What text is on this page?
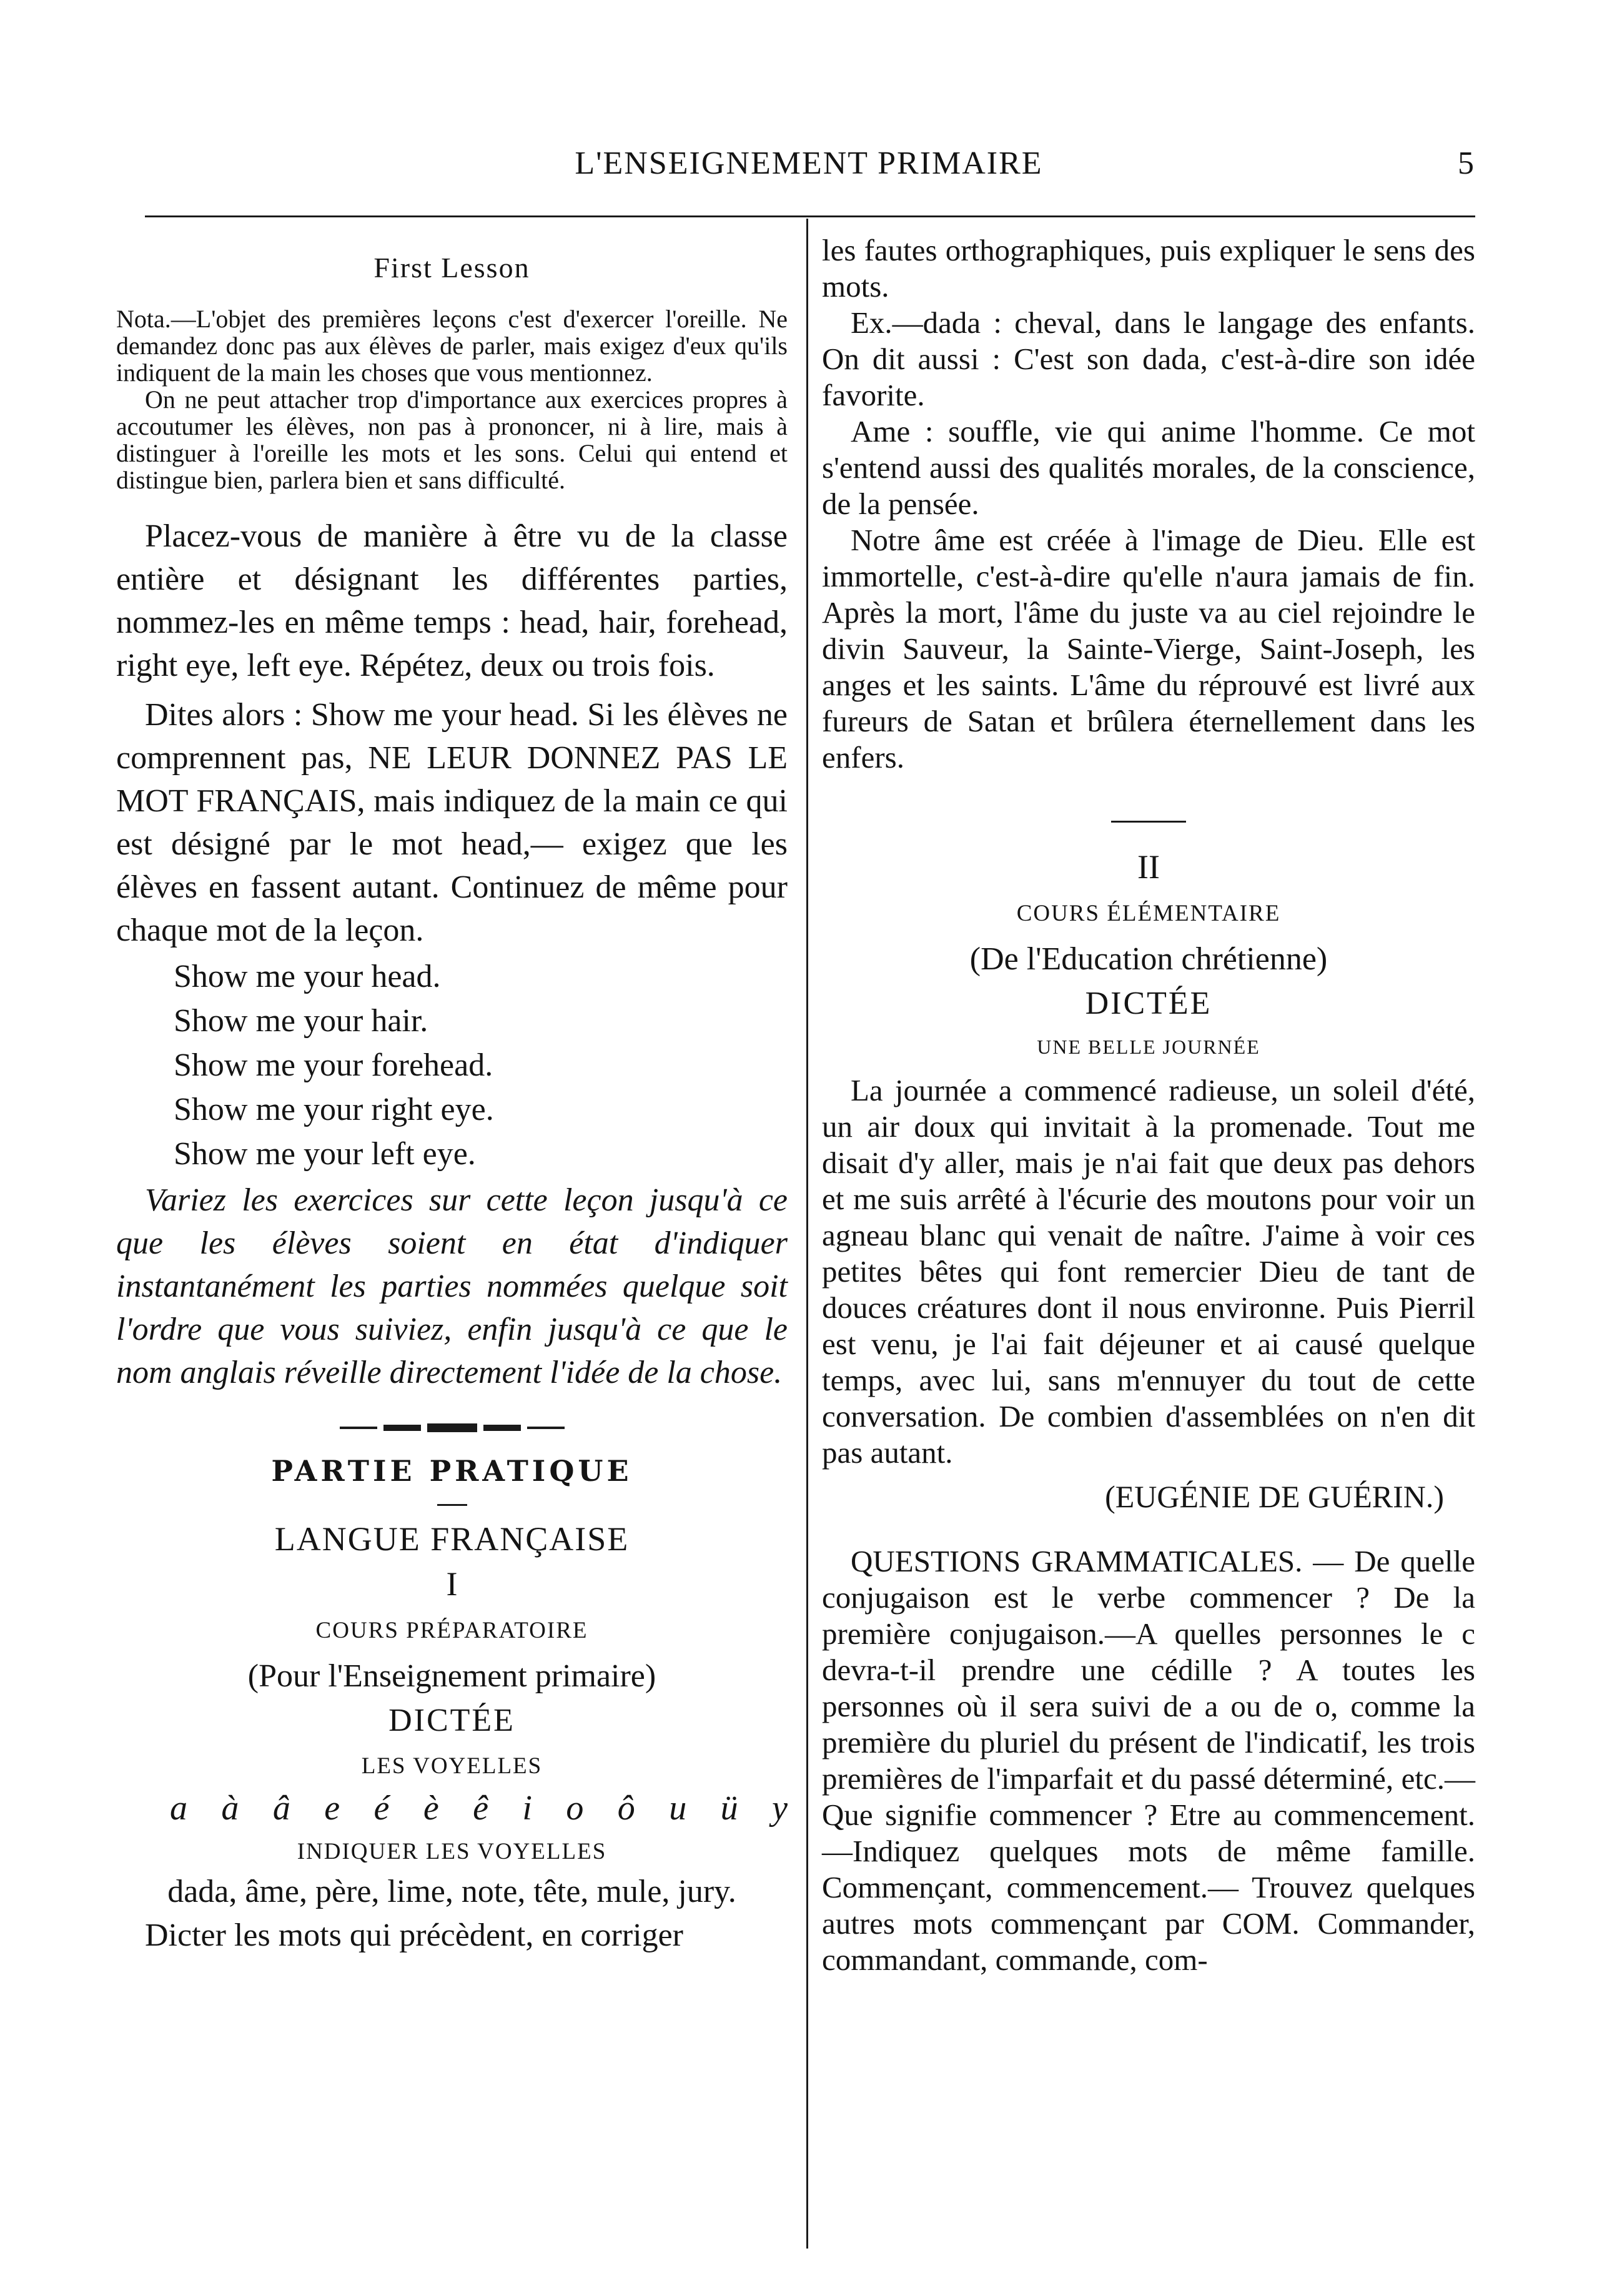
L'ENSEIGNEMENT PRIMAIRE	5

First Lesson

Nota.—L'objet des premières leçons c'est d'exercer l'oreille. Ne demandez donc pas aux élèves de parler, mais exigez d'eux qu'ils indiquent de la main les choses que vous mentionnez.

On ne peut attacher trop d'importance aux exercices propres à accoutumer les élèves, non pas à prononcer, ni à lire, mais à distinguer à l'oreille les mots et les sons. Celui qui entend et distingue bien, parlera bien et sans difficulté.

Placez-vous de manière à être vu de la classe entière et désignant les différentes parties, nommez-les en même temps : head, hair, forehead, right eye, left eye. Répétez, deux ou trois fois.

Dites alors : Show me your head. Si les élèves ne comprennent pas, NE LEUR DONNEZ PAS LE MOT FRANÇAIS, mais indiquez de la main ce qui est désigné par le mot head,— exigez que les élèves en fassent autant. Continuez de même pour chaque mot de la leçon.

Show me your head.
Show me your hair.
Show me your forehead.
Show me your right eye.
Show me your left eye.

Variez les exercices sur cette leçon jusqu'à ce que les élèves soient en état d'indiquer instantanément les parties nommées quelque soit l'ordre que vous suiviez, enfin jusqu'à ce que le nom anglais réveille directement l'idée de la chose.

PARTIE PRATIQUE

LANGUE FRANÇAISE

I

COURS PRÉPARATOIRE

(Pour l'Enseignement primaire)

DICTÉE

LES VOYELLES

a à â e é è ê i o ô u ü y

INDIQUER LES VOYELLES

dada, âme, père, lime, note, tête, mule, jury.

Dicter les mots qui précèdent, en corriger

les fautes orthographiques, puis expliquer le sens des mots.

Ex.—dada : cheval, dans le langage des enfants. On dit aussi : C'est son dada, c'est-à-dire son idée favorite.

Ame : souffle, vie qui anime l'homme. Ce mot s'entend aussi des qualités morales, de la conscience, de la pensée.

Notre âme est créée à l'image de Dieu. Elle est immortelle, c'est-à-dire qu'elle n'aura jamais de fin. Après la mort, l'âme du juste va au ciel rejoindre le divin Sauveur, la Sainte-Vierge, Saint-Joseph, les anges et les saints. L'âme du réprouvé est livré aux fureurs de Satan et brûlera éternellement dans les enfers.

II

COURS ÉLÉMENTAIRE

(De l'Education chrétienne)

DICTÉE

UNE BELLE JOURNÉE

La journée a commencé radieuse, un soleil d'été, un air doux qui invitait à la promenade. Tout me disait d'y aller, mais je n'ai fait que deux pas dehors et me suis arrêté à l'écurie des moutons pour voir un agneau blanc qui venait de naître. J'aime à voir ces petites bêtes qui font remercier Dieu de tant de douces créatures dont il nous environne. Puis Pierril est venu, je l'ai fait déjeuner et ai causé quelque temps, avec lui, sans m'ennuyer du tout de cette conversation. De combien d'assemblées on n'en dit pas autant.

(EUGÉNIE DE GUÉRIN.)

QUESTIONS GRAMMATICALES. — De quelle conjugaison est le verbe commencer ? De la première conjugaison.—A quelles personnes le c devra-t-il prendre une cédille ? A toutes les personnes où il sera suivi de a ou de o, comme la première du pluriel du présent de l'indicatif, les trois premières de l'imparfait et du passé déterminé, etc.—Que signifie commencer ? Etre au commencement.—Indiquez quelques mots de même famille. Commençant, commencement.— Trouvez quelques autres mots commençant par COM. Commander, commandant, commande, com-
